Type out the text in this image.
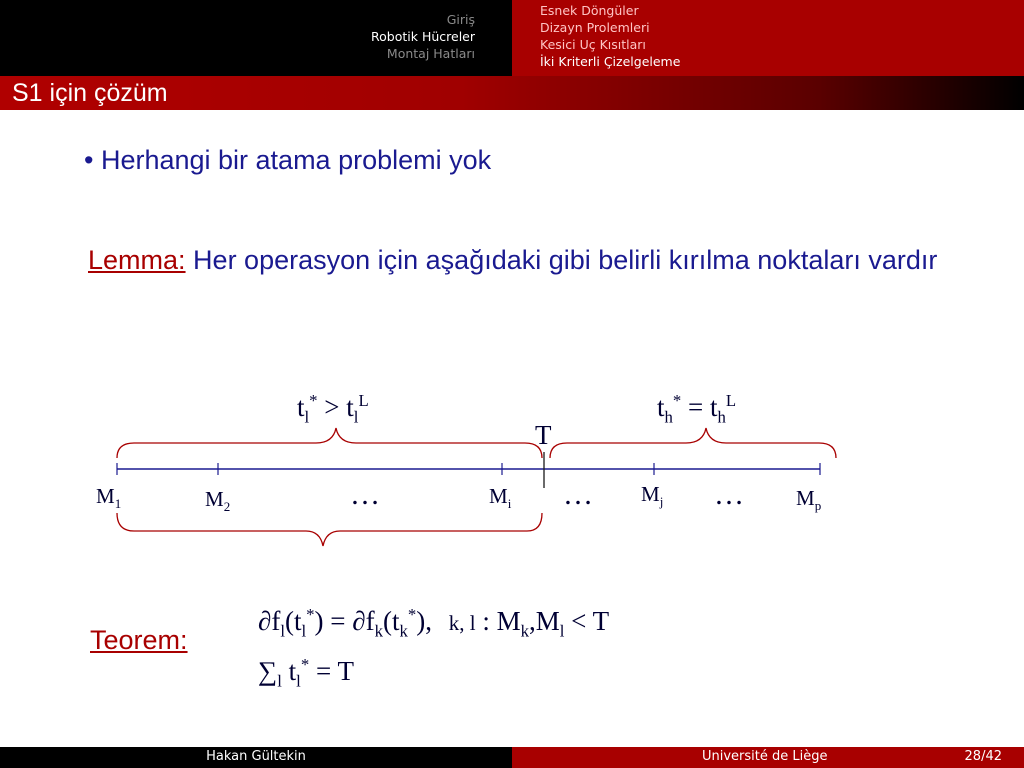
Giriş
Robotik Hücreler
Montaj Hatları
Esnek Döngüler
Dizayn Prolemleri
Kesici Uç Kısıtları
İki Kriterli Çizelgeleme
S1 için çözüm
• Herhangi bir atama problemi yok
Lemma: Her operasyon için aşağıdaki gibi belirli kırılma noktaları vardır
$t_l^* > t_l^L$	$t_h^* = t_h^L$
T
$M_1$	$M_2$	$M_i$	$M_j$	$M_p$
…	…	…
Teorem:
$\partial f_l(t_l^*) = \partial f_k(t_k^*)$, k, l : $M_k,M_l < T$
$\sum_l$ $t_l^* = T$
Hakan Gültekin	Université de Liège	28/42
